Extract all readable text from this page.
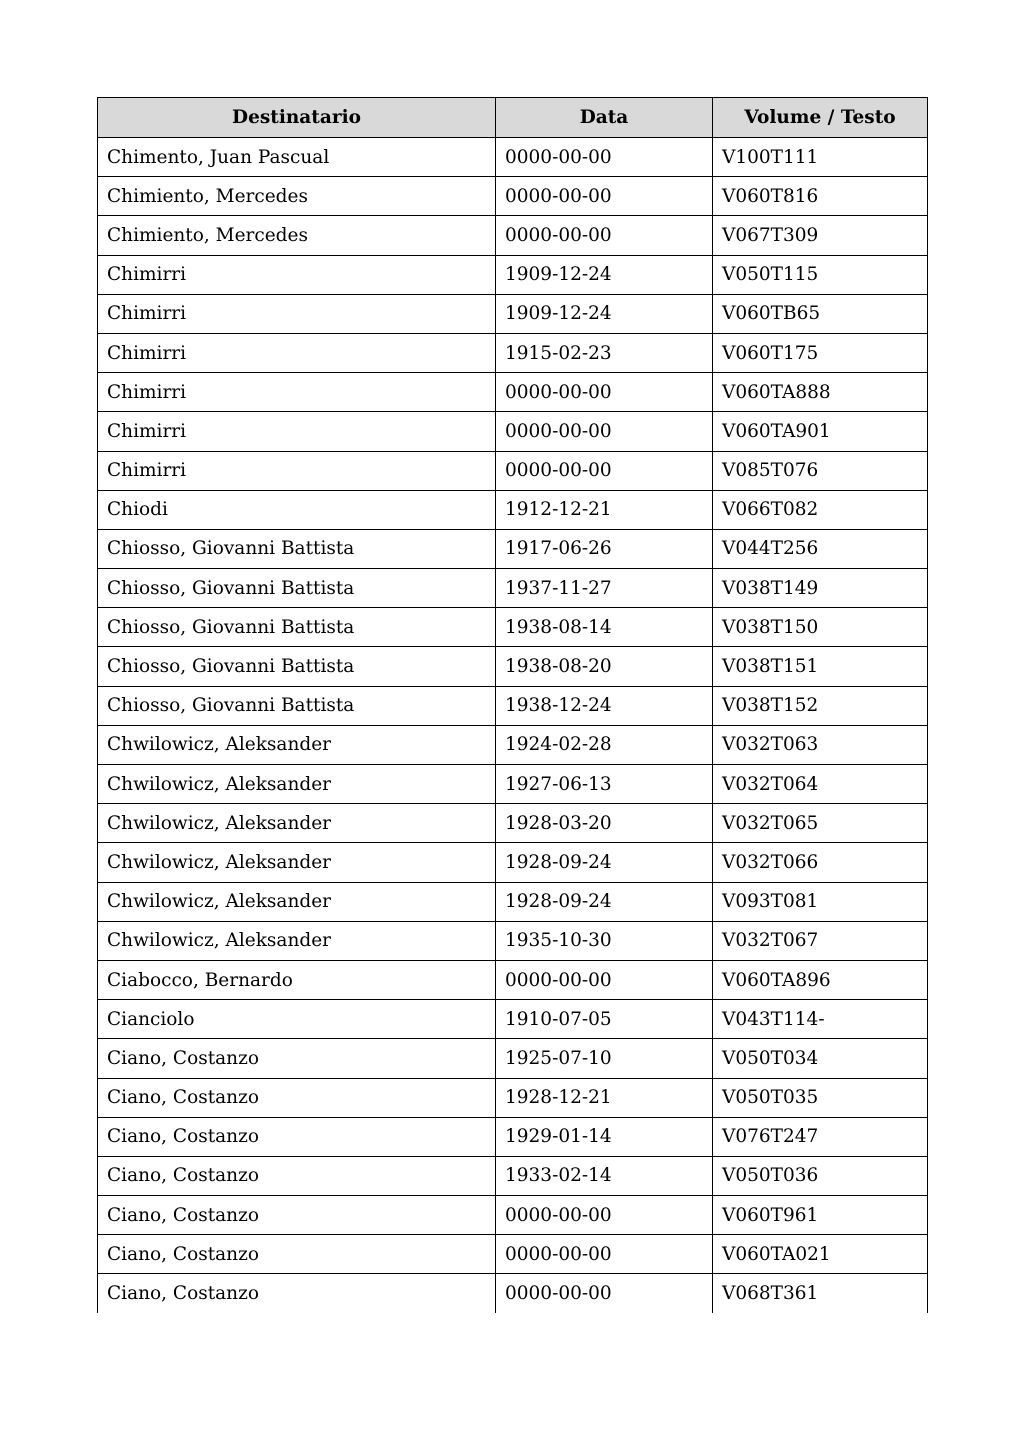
Destinatario	Data	Volume / Testo
Chimento, Juan Pascual	0000-00-00	V100T111
Chimiento, Mercedes	0000-00-00	V060T816
Chimiento, Mercedes	0000-00-00	V067T309
Chimirri	1909-12-24	V050T115
Chimirri	1909-12-24	V060TB65
Chimirri	1915-02-23	V060T175
Chimirri	0000-00-00	V060TA888
Chimirri	0000-00-00	V060TA901
Chimirri	0000-00-00	V085T076
Chiodi	1912-12-21	V066T082
Chiosso, Giovanni Battista	1917-06-26	V044T256
Chiosso, Giovanni Battista	1937-11-27	V038T149
Chiosso, Giovanni Battista	1938-08-14	V038T150
Chiosso, Giovanni Battista	1938-08-20	V038T151
Chiosso, Giovanni Battista	1938-12-24	V038T152
Chwilowicz, Aleksander	1924-02-28	V032T063
Chwilowicz, Aleksander	1927-06-13	V032T064
Chwilowicz, Aleksander	1928-03-20	V032T065
Chwilowicz, Aleksander	1928-09-24	V032T066
Chwilowicz, Aleksander	1928-09-24	V093T081
Chwilowicz, Aleksander	1935-10-30	V032T067
Ciabocco, Bernardo	0000-00-00	V060TA896
Cianciolo	1910-07-05	V043T114-
Ciano, Costanzo	1925-07-10	V050T034
Ciano, Costanzo	1928-12-21	V050T035
Ciano, Costanzo	1929-01-14	V076T247
Ciano, Costanzo	1933-02-14	V050T036
Ciano, Costanzo	0000-00-00	V060T961
Ciano, Costanzo	0000-00-00	V060TA021
Ciano, Costanzo	0000-00-00	V068T361
